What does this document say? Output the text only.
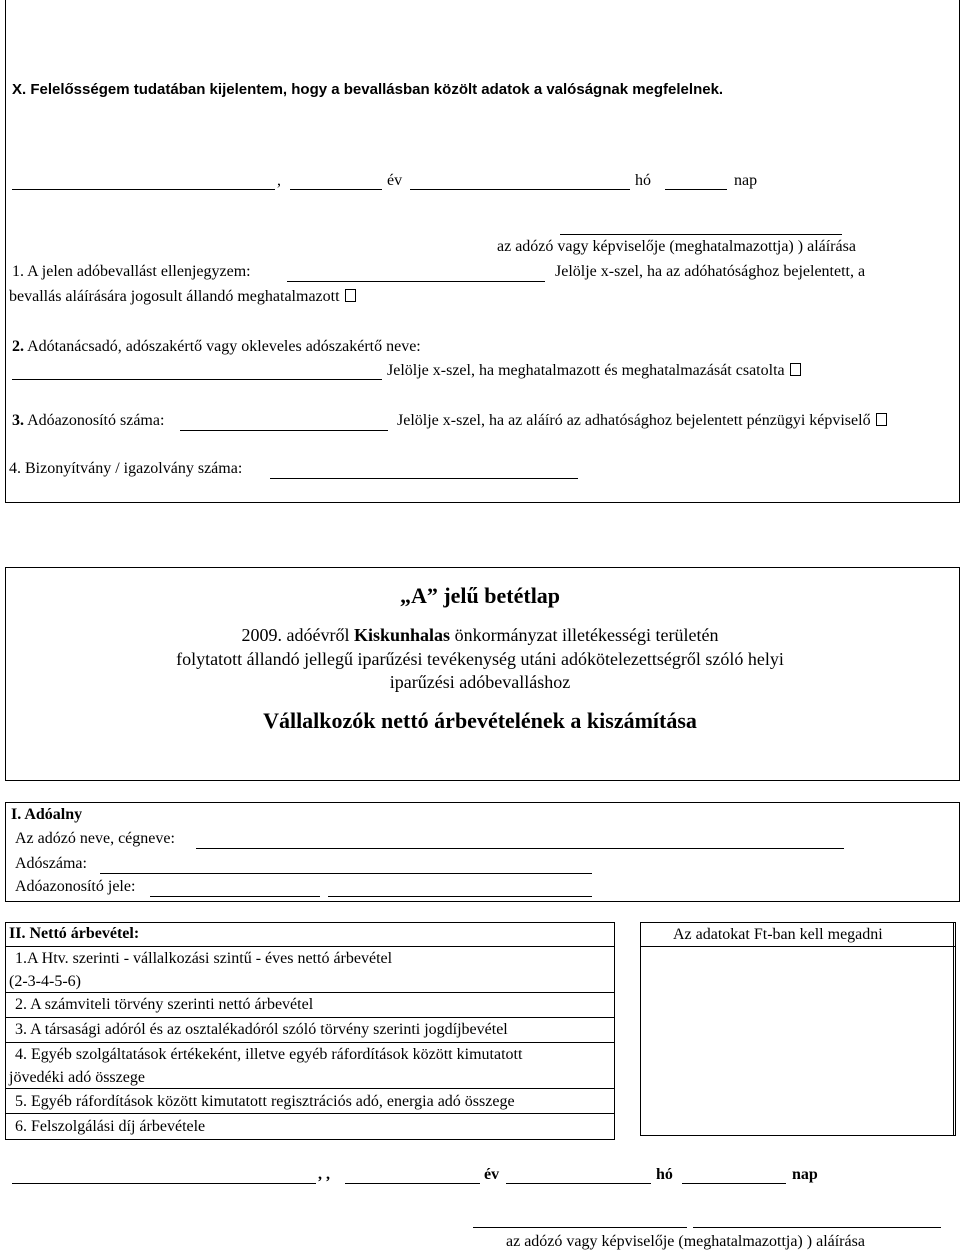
X. Felelősségem tudatában kijelentem, hogy a bevallásban közölt adatok a valóságnak megfelelnek.
,	év	hó	nap
az adózó vagy képviselője (meghatalmazottja) ) aláírása
1. A jelen adóbevallást ellenjegyzem:	Jelölje x-szel, ha az adóhatósághoz bejelentett, a
bevallás aláírására jogosult állandó meghatalmazott
2. Adótanácsadó, adószakértő vagy okleveles adószakértő neve:
Jelölje x-szel, ha meghatalmazott és meghatalmazását csatolta
3. Adóazonosító száma:	Jelölje x-szel, ha az aláíró az adhatósághoz bejelentett pénzügyi képviselő
4. Bizonyítvány / igazolvány száma:
„A” jelű betétlap
2009. adóévről Kiskunhalas önkormányzat illetékességi területén
folytatott állandó jellegű iparűzési tevékenység utáni adókötelezettségről szóló helyi
iparűzési adóbevalláshoz
Vállalkozók nettó árbevételének a kiszámítása
I. Adóalny
Az adózó neve, cégneve:
Adószáma:
Adóazonosító jele:
II. Nettó árbevétel:
1.A Htv. szerinti - vállalkozási szintű - éves nettó árbevétel
(2-3-4-5-6)
2. A számviteli törvény szerinti nettó árbevétel
3. A társasági adóról és az osztalékadóról szóló törvény szerinti jogdíjbevétel
4. Egyéb szolgáltatások értékeként, illetve egyéb ráfordítások között kimutatott
jövedéki adó összege
5. Egyéb ráfordítások között kimutatott regisztrációs adó, energia adó összege
6. Felszolgálási díj árbevétele
Az adatokat Ft-ban kell megadni
, ,	év	hó	nap
az adózó vagy képviselője (meghatalmazottja) ) aláírása
